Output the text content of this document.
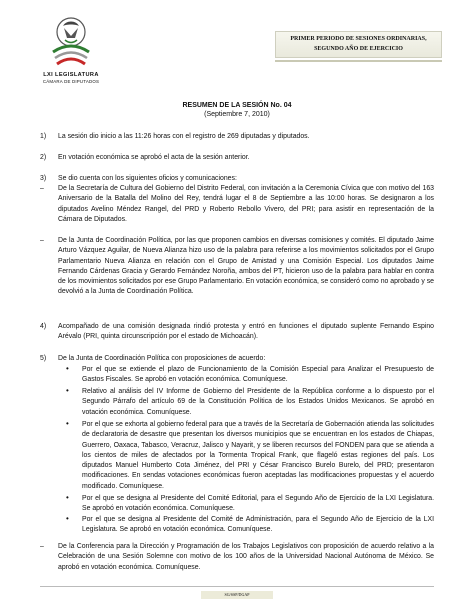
LXI LEGISLATURA
CÁMARA DE DIPUTADOS
PRIMER PERIODO DE SESIONES ORDINARIAS,
SEGUNDO AÑO DE EJERCICIO
RESUMEN DE LA SESIÓN No. 04
(Septiembre 7, 2010)
1) La sesión dio inicio a las 11:26 horas con el registro de 269 diputadas y diputados.
2) En votación económica se aprobó el acta de la sesión anterior.
3) Se dio cuenta con los siguientes oficios y comunicaciones:
– De la Secretaría de Cultura del Gobierno del Distrito Federal, con invitación a la Ceremonia Cívica que con motivo del 163 Aniversario de la Batalla del Molino del Rey, tendrá lugar el 8 de Septiembre a las 10:00 horas. Se designaron a los diputados Avelino Méndez Rangel, del PRD y Roberto Rebollo Vivero, del PRI; para asistir en representación de la Cámara de Diputados.
– De la Junta de Coordinación Política, por las que proponen cambios en diversas comisiones y comités. El diputado Jaime Arturo Vázquez Aguilar, de Nueva Alianza hizo uso de la palabra para referirse a los movimientos solicitados por el Grupo Parlamentario Nueva Alianza en relación con el Grupo de Amistad y una Comisión Especial. Los diputados Jaime Fernando Cárdenas Gracia y Gerardo Fernández Noroña, ambos del PT, hicieron uso de la palabra para hablar en contra de los movimientos solicitados por ese Grupo Parlamentario. En votación económica, se consideró como no aprobado y se devolvió a la Junta de Coordinación Política.
4) Acompañado de una comisión designada rindió protesta y entró en funciones el diputado suplente Fernando Espino Arévalo (PRI, quinta circunscripción por el estado de Michoacán).
5) De la Junta de Coordinación Política con proposiciones de acuerdo:
• Por el que se extiende el plazo de Funcionamiento de la Comisión Especial para Analizar el Presupuesto de Gastos Fiscales. Se aprobó en votación económica. Comuníquese.
• Relativo al análisis del IV Informe de Gobierno del Presidente de la República conforme a lo dispuesto por el Segundo Párrafo del artículo 69 de la Constitución Política de los Estados Unidos Mexicanos. Se aprobó en votación económica. Comuníquese.
• Por el que se exhorta al gobierno federal para que a través de la Secretaría de Gobernación atienda las solicitudes de declaratoria de desastre que presentan los diversos municipios que se encuentran en los estados de Chiapas, Guerrero, Oaxaca, Tabasco, Veracruz, Jalisco y Nayarit, y se liberen recursos del FONDEN para que se atienda a los cientos de miles de afectados por la Tormenta Tropical Frank, que flageló estas regiones del país. Los diputados Manuel Humberto Cota Jiménez, del PRI y César Francisco Burelo Burelo, del PRD; presentaron modificaciones. En sendas votaciones económicas fueron aceptadas las modificaciones propuestas y el acuerdo modificado. Comuníquese.
• Por el que se designa al Presidente del Comité Editorial, para el Segundo Año de Ejercicio de la LXI Legislatura. Se aprobó en votación económica. Comuníquese.
• Por el que se designa al Presidente del Comité de Administración, para el Segundo Año de Ejercicio de la LXI Legislatura. Se aprobó en votación económica. Comuníquese.
– De la Conferencia para la Dirección y Programación de los Trabajos Legislativos con proposición de acuerdo relativo a la Celebración de una Sesión Solemne con motivo de los 100 años de la Universidad Nacional Autónoma de México. Se aprobó en votación económica. Comuníquese.
SG/SSP/DGAP
